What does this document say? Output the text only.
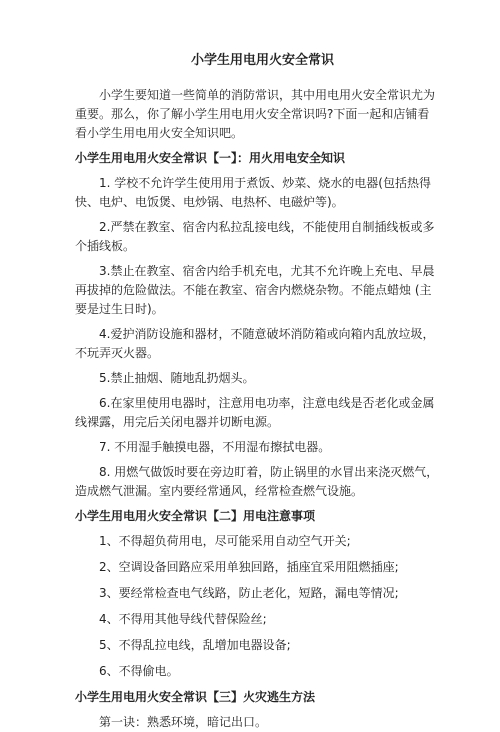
小学生用电用火安全常识

小学生要知道一些简单的消防常识，其中用电用火安全常识尤为重要。那么，你了解小学生用电用火安全常识吗?下面一起和店铺看看小学生用电用火安全知识吧。

小学生用电用火安全常识【一】：用火用电安全知识

1. 学校不允许学生使用用于煮饭、炒菜、烧水的电器(包括热得快、电炉、电饭煲、电炒锅、电热杯、电磁炉等)。

2.严禁在教室、宿舍内私拉乱接电线，不能使用自制插线板或多个插线板。

3.禁止在教室、宿舍内给手机充电，尤其不允许晚上充电、早晨再拔掉的危险做法。不能在教室、宿舍内燃烧杂物。不能点蜡烛 (主要是过生日时)。

4.爱护消防设施和器材，不随意破坏消防箱或向箱内乱放垃圾，不玩弄灭火器。

5.禁止抽烟、随地乱扔烟头。

6.在家里使用电器时，注意用电功率，注意电线是否老化或金属线裸露，用完后关闭电器并切断电源。

7. 不用湿手触摸电器，不用湿布擦拭电器。

8. 用燃气做饭时要在旁边盯着，防止锅里的水冒出来浇灭燃气，造成燃气泄漏。室内要经常通风，经常检查燃气设施。

小学生用电用火安全常识【二】用电注意事项

1、不得超负荷用电，尽可能采用自动空气开关;

2、空调设备回路应采用单独回路，插座宜采用阻燃插座;

3、要经常检查电气线路，防止老化，短路，漏电等情况;

4、不得用其他导线代替保险丝;

5、不得乱拉电线，乱增加电器设备;

6、不得偷电。

小学生用电用火安全常识【三】火灾逃生方法

第一诀：熟悉环境，暗记出口。
